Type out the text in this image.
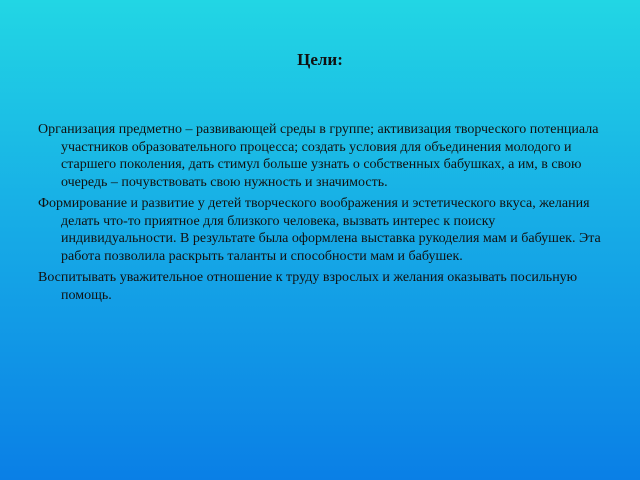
Цели:
Организация предметно – развивающей среды в группе; активизация творческого потенциала участников образовательного процесса; создать условия для объединения молодого и старшего поколения, дать стимул больше узнать о собственных бабушках, а им, в свою очередь – почувствовать свою нужность и значимость.
Формирование и развитие у детей творческого воображения и эстетического вкуса, желания делать что-то приятное для близкого человека, вызвать интерес к поиску индивидуальности. В результате была оформлена выставка рукоделия мам и бабушек. Эта работа позволила раскрыть таланты и способности мам и бабушек.
Воспитывать уважительное отношение к труду взрослых и желания оказывать посильную помощь.
